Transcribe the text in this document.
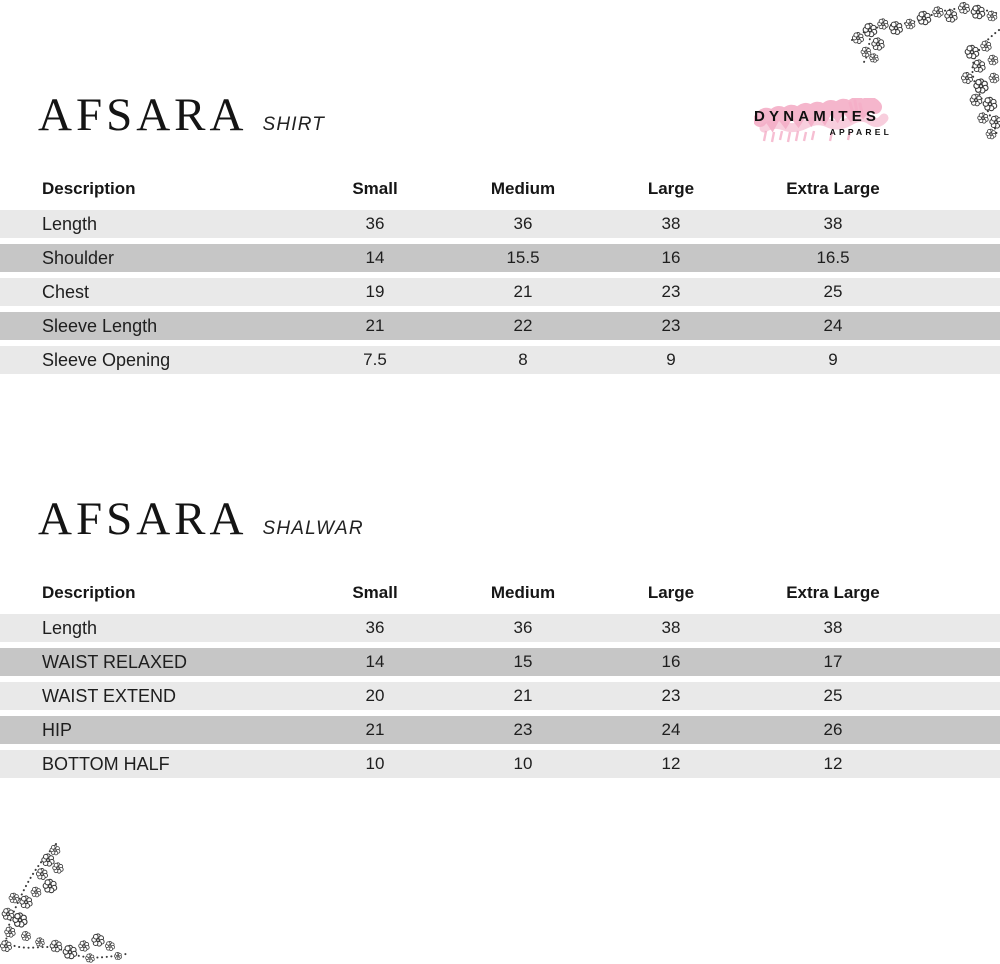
AFSARA SHIRT	DYNAMITES
APPAREL
Description	Small	Medium	Large	Extra Large	
Length	36	36	38	38	
Shoulder	14	15.5	16	16.5	
Chest	19	21	23	25	
Sleeve Length	21	22	23	24	
Sleeve Opening	7.5	8	9	9	
AFSARA SHALWAR
Description	Small	Medium	Large	Extra Large	
Length	36	36	38	38	
WAIST RELAXED	14	15	16	17	
WAIST EXTEND	20	21	23	25	
HIP	21	23	24	26	
BOTTOM HALF	10	10	12	12	
